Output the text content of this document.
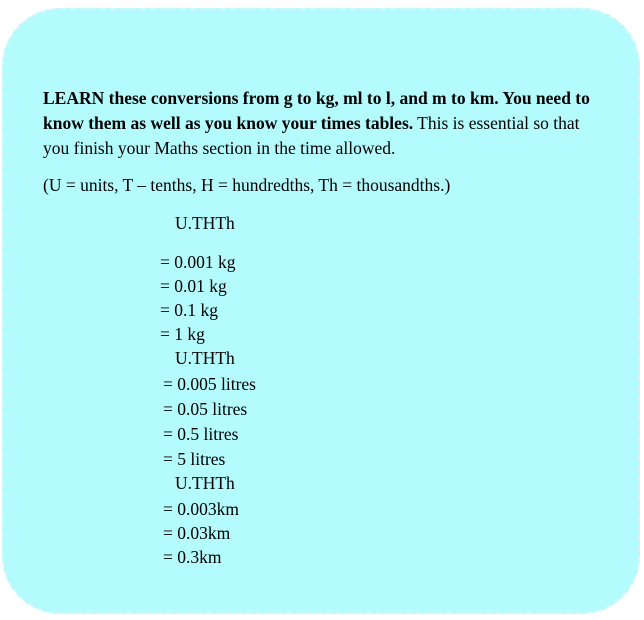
LEARN these conversions from g to kg, ml to l, and m to km. You need to know them as well as you know your times tables. This is essential so that you finish your Maths section in the time allowed.

(U = units, T – tenths, H = hundredths, Th = thousandths.)

U.THTh
= 0.001 kg
= 0.01 kg
= 0.1 kg
= 1 kg
U.THTh
= 0.005 litres
= 0.05 litres
= 0.5 litres
= 5 litres
U.THTh
= 0.003km
= 0.03km
= 0.3km
